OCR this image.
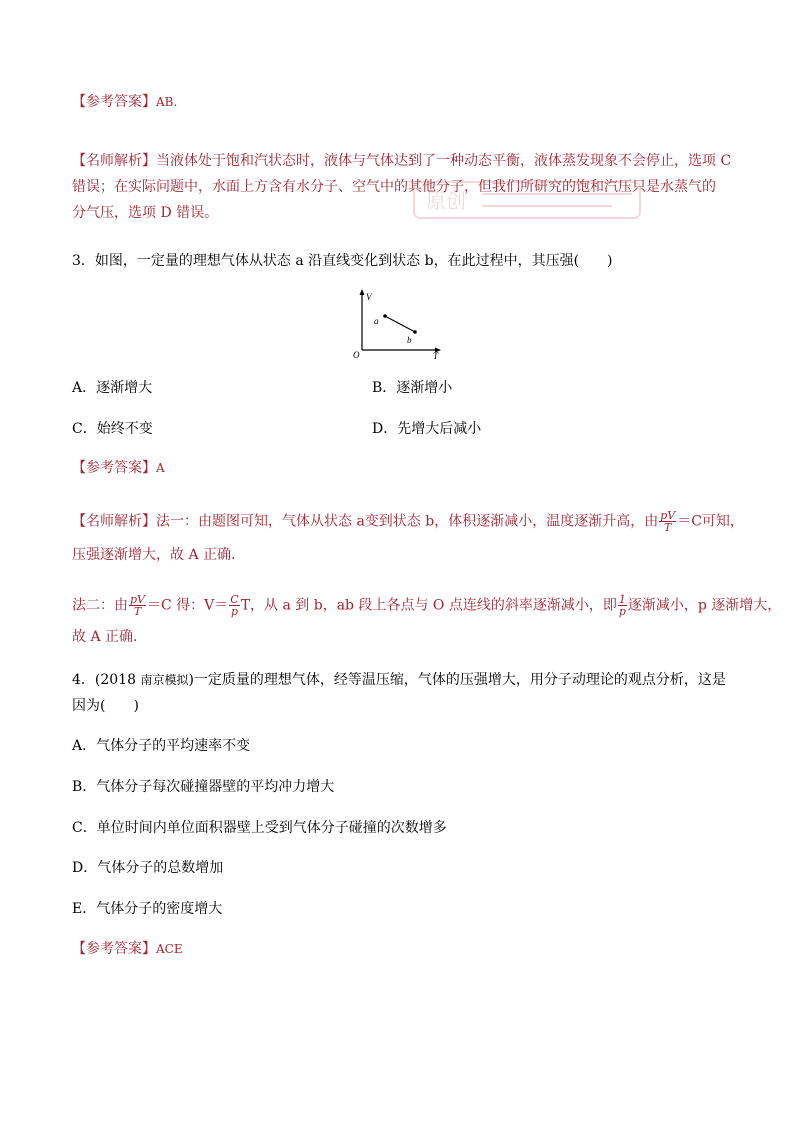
【参考答案】AB.
【名师解析】当液体处于饱和汽状态时，液体与气体达到了一种动态平衡，液体蒸发现象不会停止，选项 C
错误；在实际问题中，水面上方含有水分子、空气中的其他分子，但我们所研究的饱和汽压只是水蒸气的
分气压，选项 D 错误。	原创
3．如图，一定量的理想气体从状态 a 沿直线变化到状态 b，在此过程中，其压强(　　)
V
T
O
a
b
A．逐渐增大	B．逐渐增小
C．始终不变	D．先增大后减小
【参考答案】A
【名师解析】法一：由题图可知，气体从状态 a变到状态 b，体积逐渐减小，温度逐渐升高，由 $\frac{pV}{T} =C$可知，
压强逐渐增大，故 A 正确.
法二：由 $\frac{pV}{T} =C$ 得：$V= \frac{C}{p}$ T，从 a 到 b，ab 段上各点与 O 点连线的斜率逐渐减小，即 $\frac{1}{p}$ 逐渐减小，p 逐渐增大，
故 A 正确.
4．(2018 南京模拟)一定质量的理想气体，经等温压缩，气体的压强增大，用分子动理论的观点分析，这是
因为(　　)
A．气体分子的平均速率不变
B．气体分子每次碰撞器壁的平均冲力增大
C．单位时间内单位面积器壁上受到气体分子碰撞的次数增多
D．气体分子的总数增加
E．气体分子的密度增大
【参考答案】ACE
